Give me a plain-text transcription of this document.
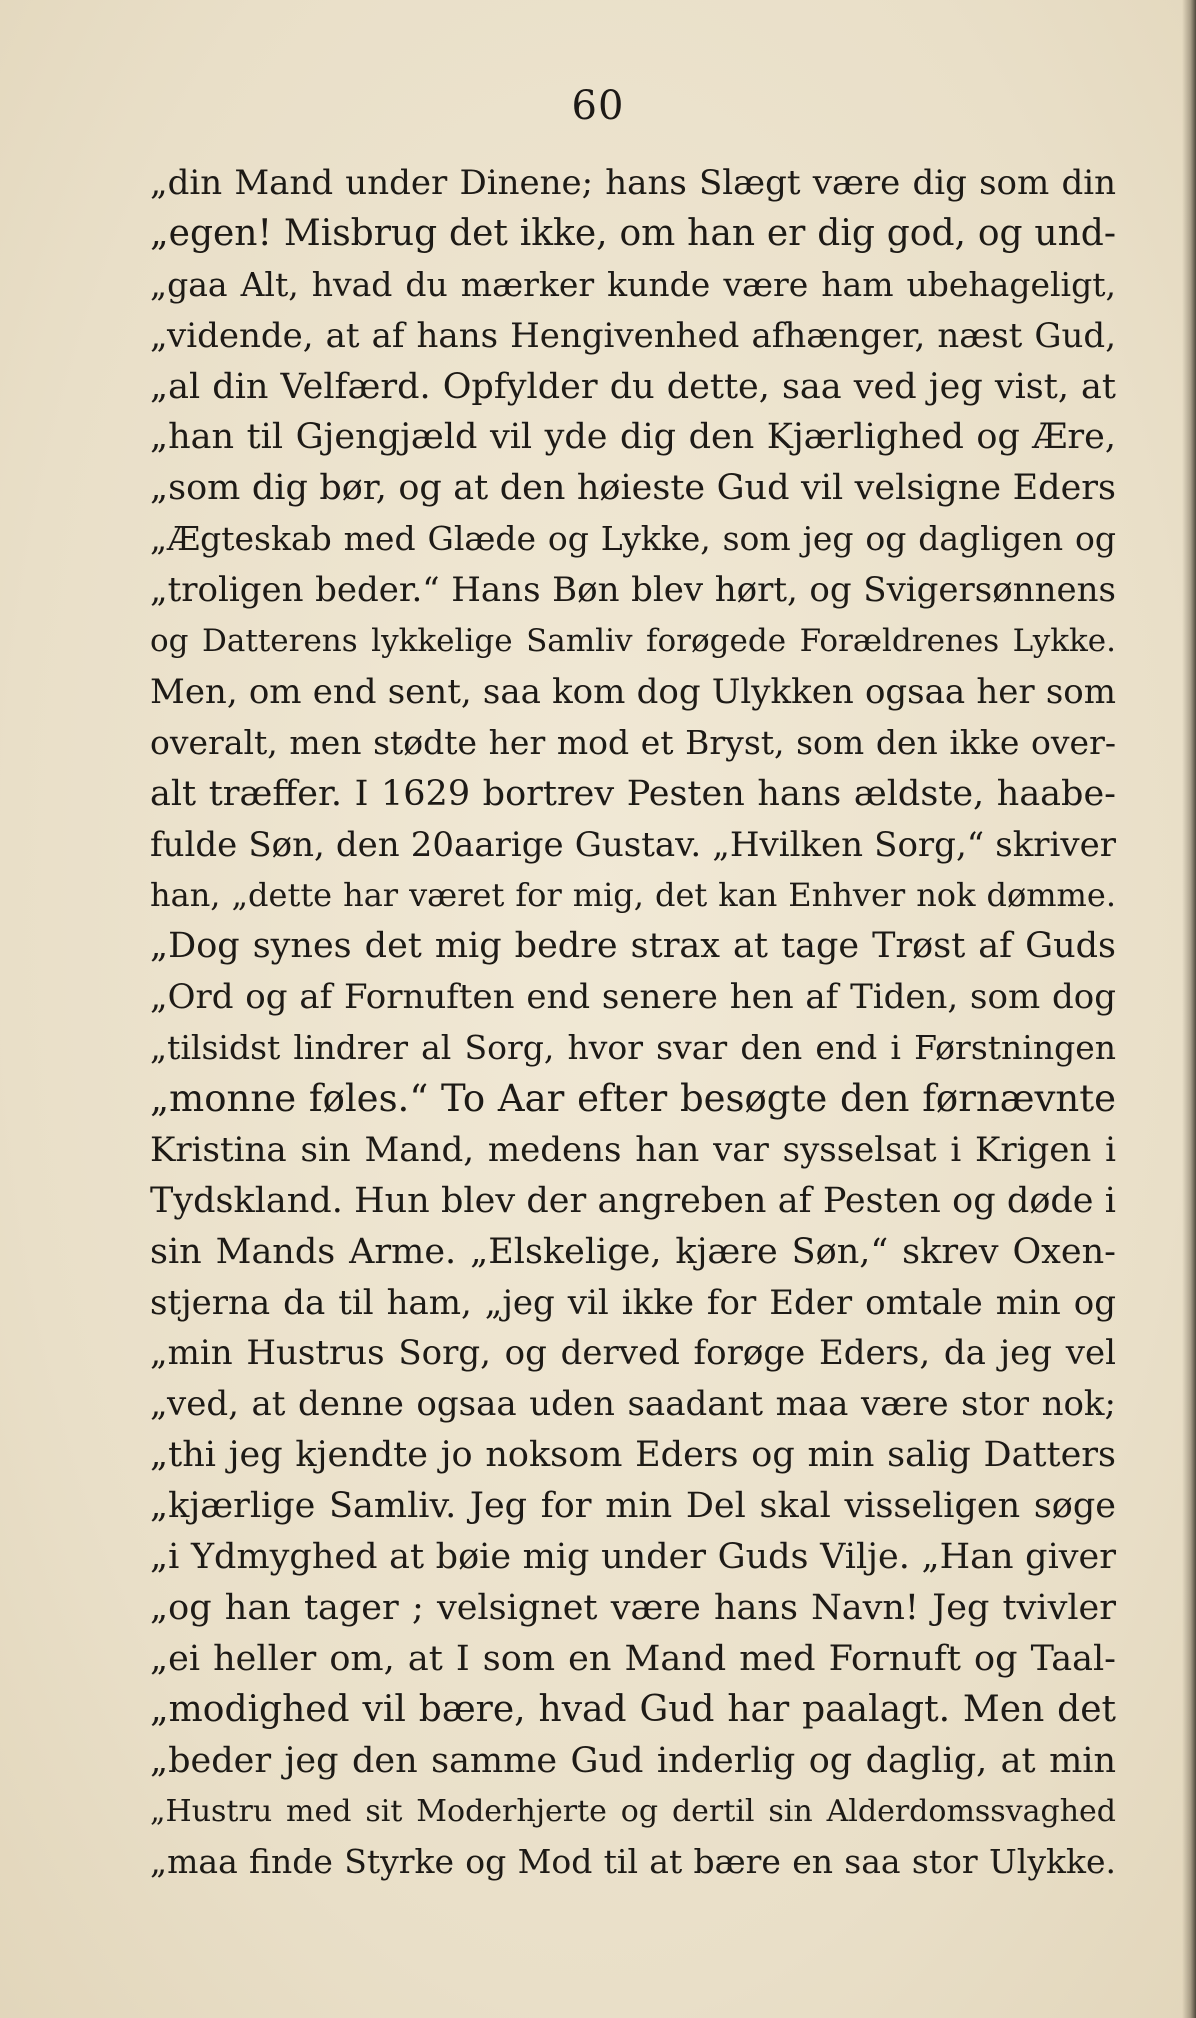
60
„din Mand under Dinene; hans Slægt være dig som din
„egen! Misbrug det ikke, om han er dig god, og und-
„gaa Alt, hvad du mærker kunde være ham ubehageligt,
„vidende, at af hans Hengivenhed afhænger, næst Gud,
„al din Velfærd. Opfylder du dette, saa ved jeg vist, at
„han til Gjengjæld vil yde dig den Kjærlighed og Ære,
„som dig bør, og at den høieste Gud vil velsigne Eders
„Ægteskab med Glæde og Lykke, som jeg og dagligen og
„troligen beder.“ Hans Bøn blev hørt, og Svigersønnens
og Datterens lykkelige Samliv forøgede Forældrenes Lykke.
Men, om end sent, saa kom dog Ulykken ogsaa her som
overalt, men stødte her mod et Bryst, som den ikke over-
alt træffer. I 1629 bortrev Pesten hans ældste, haabe-
fulde Søn, den 20aarige Gustav. „Hvilken Sorg,“ skriver
han, „dette har været for mig, det kan Enhver nok dømme.
„Dog synes det mig bedre strax at tage Trøst af Guds
„Ord og af Fornuften end senere hen af Tiden, som dog
„tilsidst lindrer al Sorg, hvor svar den end i Førstningen
„monne føles.“ To Aar efter besøgte den førnævnte
Kristina sin Mand, medens han var sysselsat i Krigen i
Tydskland. Hun blev der angreben af Pesten og døde i
sin Mands Arme. „Elskelige, kjære Søn,“ skrev Oxen-
stjerna da til ham, „jeg vil ikke for Eder omtale min og
„min Hustrus Sorg, og derved forøge Eders, da jeg vel
„ved, at denne ogsaa uden saadant maa være stor nok;
„thi jeg kjendte jo noksom Eders og min salig Datters
„kjærlige Samliv. Jeg for min Del skal visseligen søge
„i Ydmyghed at bøie mig under Guds Vilje. „Han giver
„og han tager ; velsignet være hans Navn! Jeg tvivler
„ei heller om, at I som en Mand med Fornuft og Taal-
„modighed vil bære, hvad Gud har paalagt. Men det
„beder jeg den samme Gud inderlig og daglig, at min
„Hustru med sit Moderhjerte og dertil sin Alderdomssvaghed
„maa finde Styrke og Mod til at bære en saa stor Ulykke.
